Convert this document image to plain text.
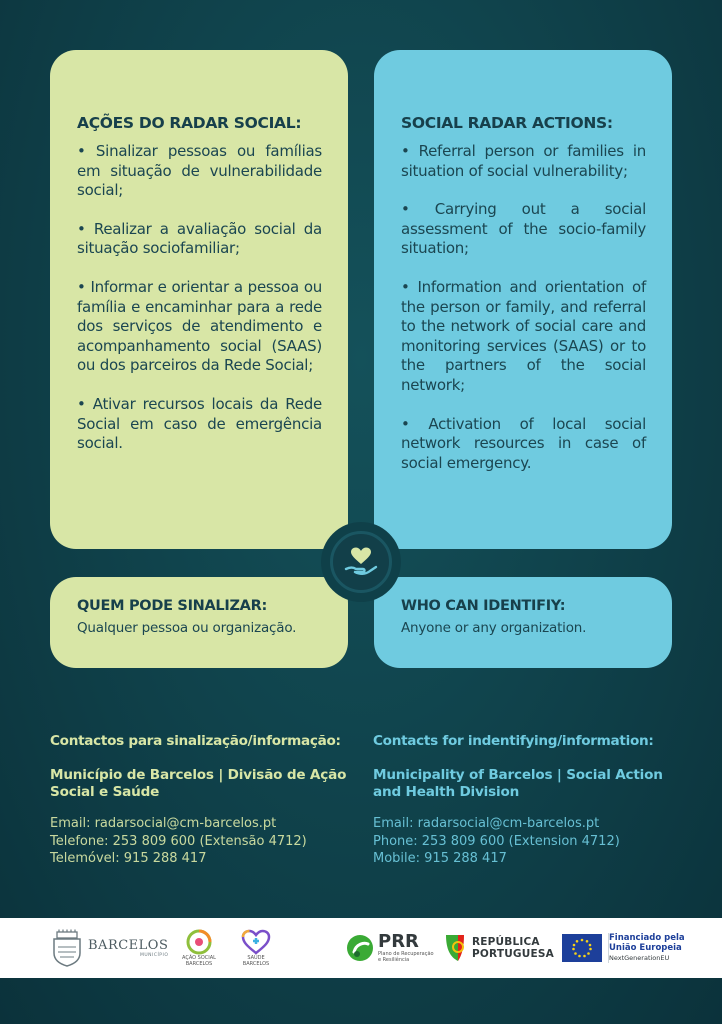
AÇÕES DO RADAR SOCIAL:
• Sinalizar pessoas ou famílias em situação de vulnerabilidade social;
• Realizar a avaliação social da situação sociofamiliar;
• Informar e orientar a pessoa ou família e encaminhar para a rede dos serviços de atendimento e acompanhamento social (SAAS) ou dos parceiros da Rede Social;
• Ativar recursos locais da Rede Social em caso de emergência social.
SOCIAL RADAR ACTIONS:
• Referral person or families in situation of social vulnerability;
• Carrying out a social assessment of the socio-family situation;
• Information and orientation of the person or family, and referral to the network of social care and monitoring services (SAAS) or to the partners of the social network;
• Activation of local social network resources in case of social emergency.
QUEM PODE SINALIZAR:

Qualquer pessoa ou organização.

WHO CAN IDENTIFIY:

Anyone or any organization.

Contactos para sinalização/informação:

Município de Barcelos | Divisão de Ação Social e Saúde

Email: radarsocial@cm-barcelos.pt

Telefone: 253 809 600 (Extensão 4712)

Telemóvel: 915 288 417

Contacts for indentifying/information:

Municipality of Barcelos | Social Action and Health Division

Email: radarsocial@cm-barcelos.pt

Phone: 253 809 600 (Extension 4712)

Mobile: 915 288 417

BARCELOS
MUNICÍPIO	AÇÃO SOCIAL
BARCELOS
SAÚDE
BARCELOS
PRR
Plano de Recuperação
e Resiliência
REPÚBLICA
PORTUGUESA
Financiado pela
União Europeia
NextGenerationEU
